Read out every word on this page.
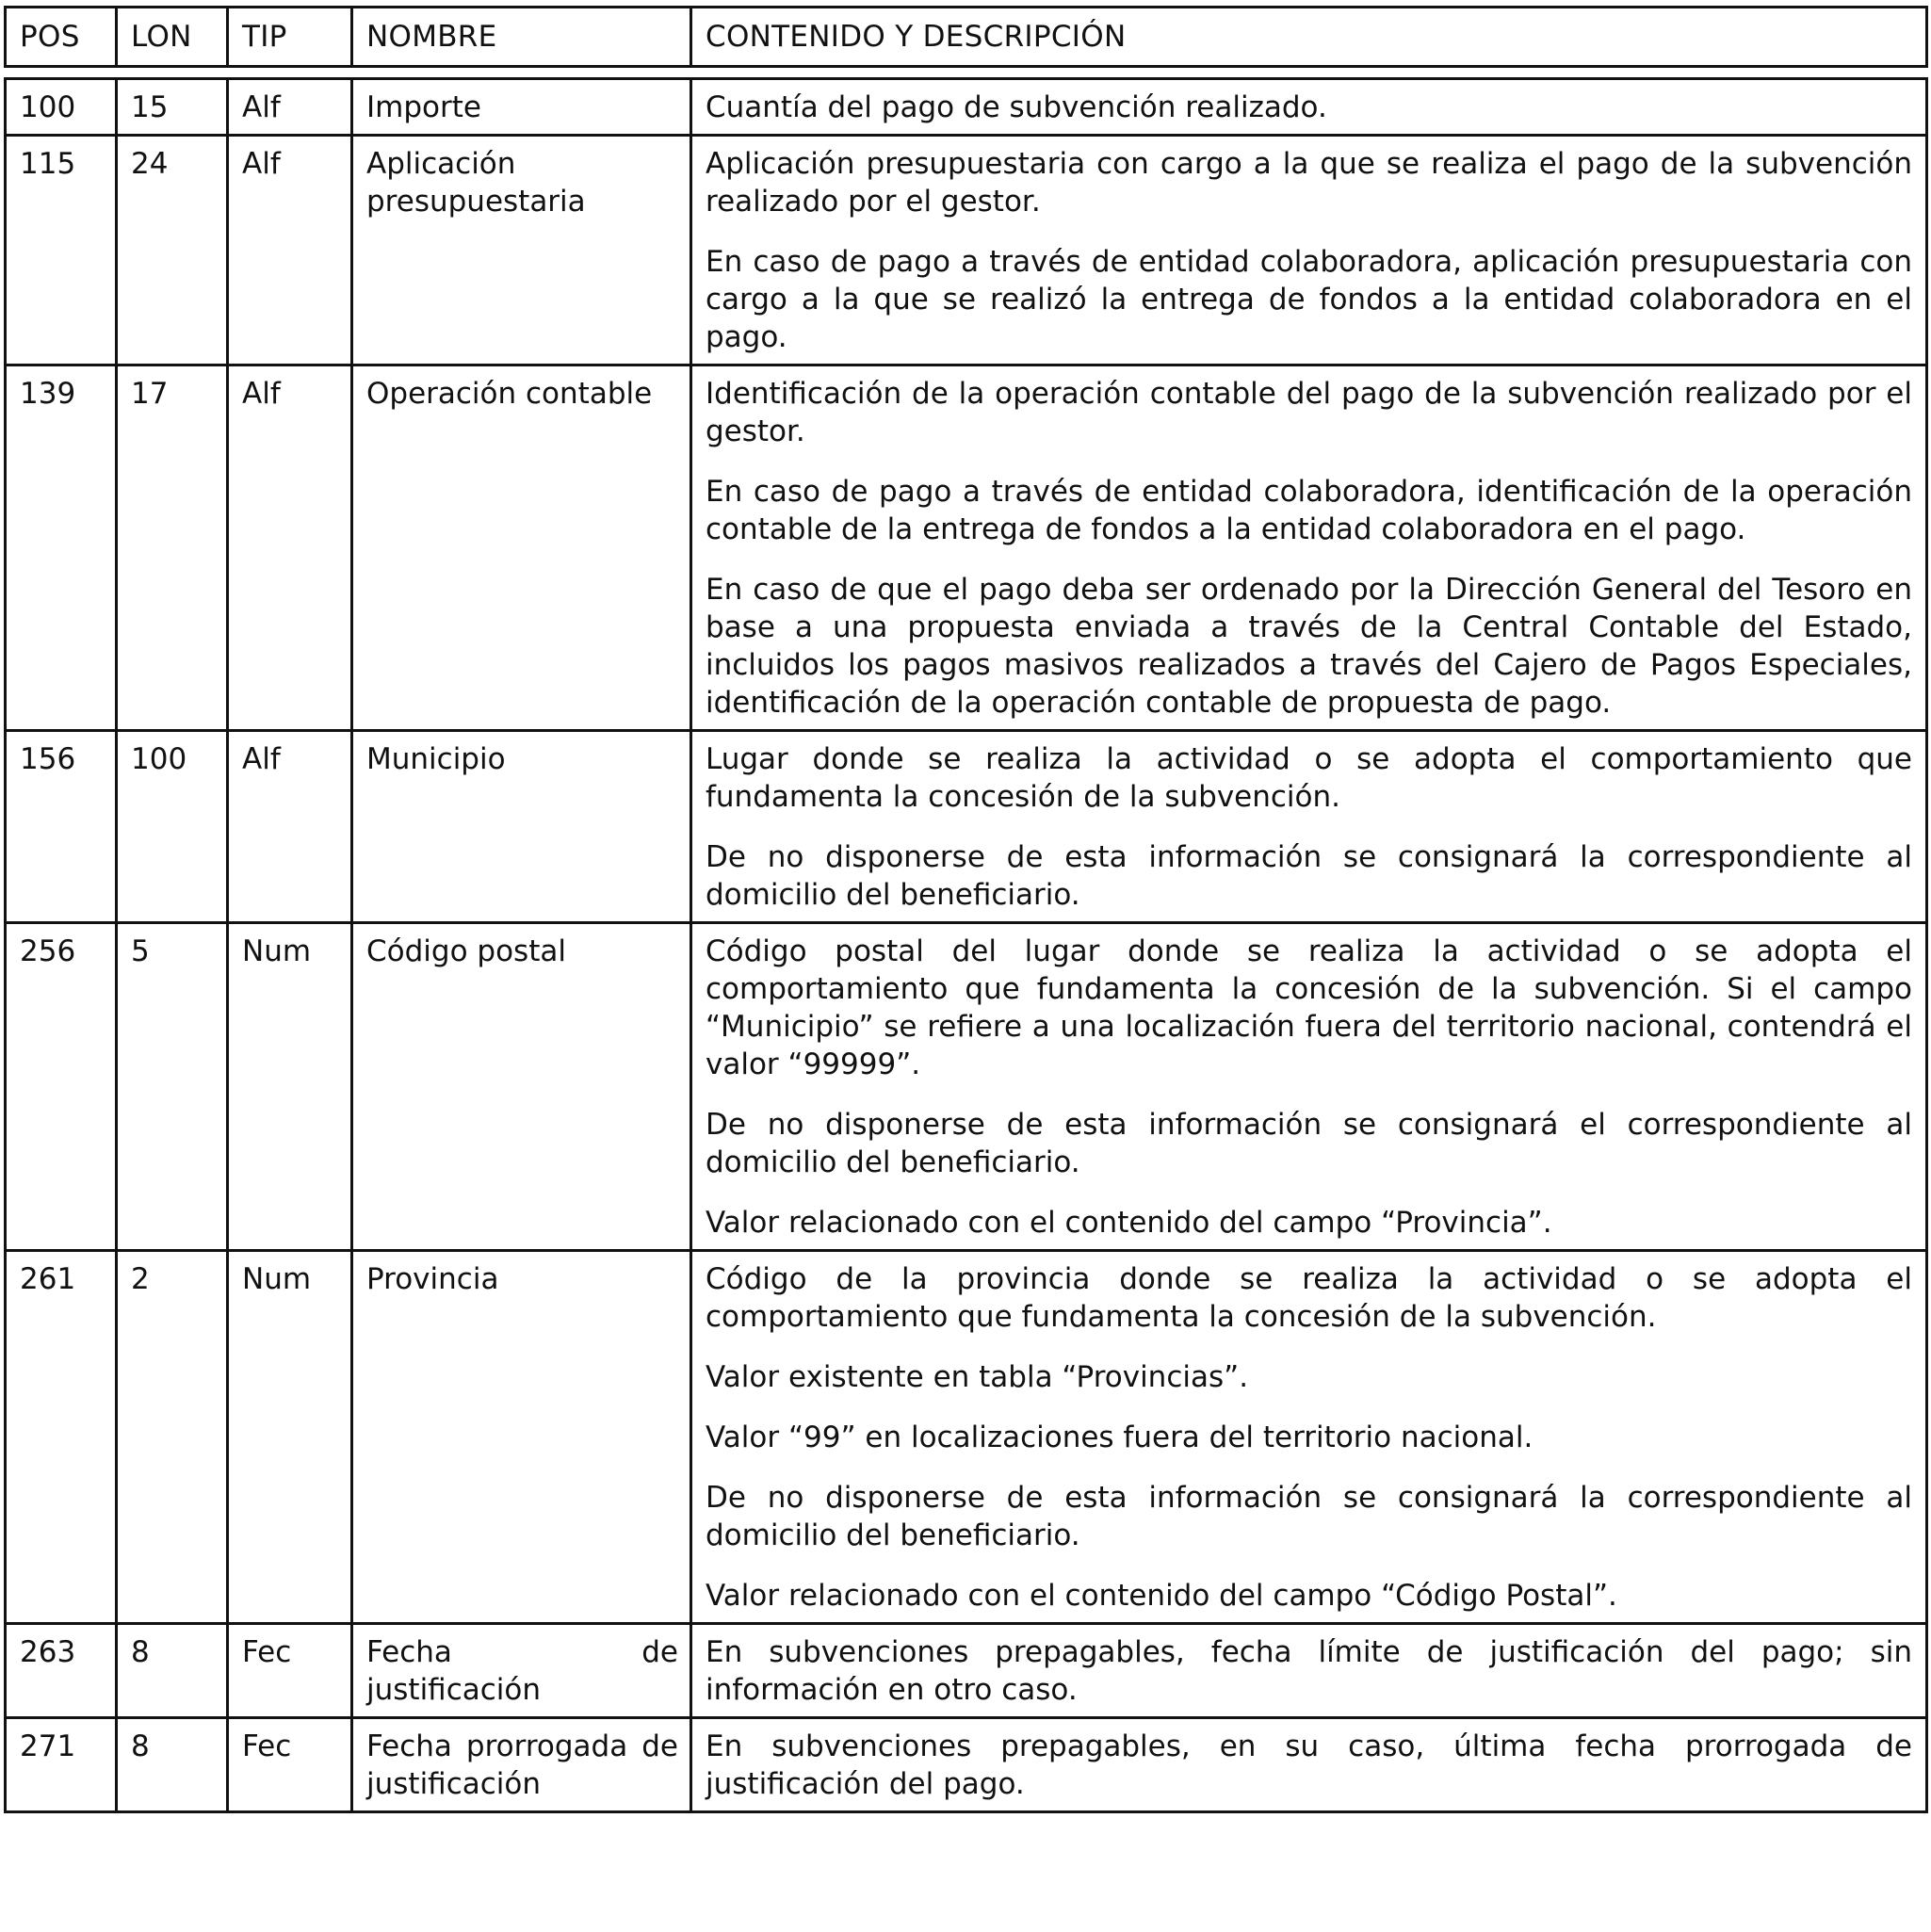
POS	LON	TIP	NOMBRE	CONTENIDO Y DESCRIPCIÓN

100	15	Alf	Importe	Cuantía del pago de subvención realizado.

115	24	Alf	Aplicación presupuestaria	Aplicación presupuestaria con cargo a la que se realiza el pago de la subvención realizado por el gestor.

En caso de pago a través de entidad colaboradora, aplicación presupuestaria con cargo a la que se realizó la entrega de fondos a la entidad colaboradora en el pago.

139	17	Alf	Operación contable	Identificación de la operación contable del pago de la subvención realizado por el gestor.

En caso de pago a través de entidad colaboradora, identificación de la operación contable de la entrega de fondos a la entidad colaboradora en el pago.

En caso de que el pago deba ser ordenado por la Dirección General del Tesoro en base a una propuesta enviada a través de la Central Contable del Estado, incluidos los pagos masivos realizados a través del Cajero de Pagos Especiales, identificación de la operación contable de propuesta de pago.

156	100	Alf	Municipio	Lugar donde se realiza la actividad o se adopta el comportamiento que fundamenta la concesión de la subvención.

De no disponerse de esta información se consignará la correspondiente al domicilio del beneficiario.

256	5	Num	Código postal	Código postal del lugar donde se realiza la actividad o se adopta el comportamiento que fundamenta la concesión de la subvención. Si el campo “Municipio” se refiere a una localización fuera del territorio nacional, contendrá el valor “99999”.

De no disponerse de esta información se consignará el correspondiente al domicilio del beneficiario.

Valor relacionado con el contenido del campo “Provincia”.

261	2	Num	Provincia	Código de la provincia donde se realiza la actividad o se adopta el comportamiento que fundamenta la concesión de la subvención.

Valor existente en tabla “Provincias”.

Valor “99” en localizaciones fuera del territorio nacional.

De no disponerse de esta información se consignará la correspondiente al domicilio del beneficiario.

Valor relacionado con el contenido del campo “Código Postal”.

263	8	Fec	Fecha de justificación	En subvenciones prepagables, fecha límite de justificación del pago; sin información en otro caso.

271	8	Fec	Fecha prorrogada de justificación	En subvenciones prepagables, en su caso, última fecha prorrogada de justificación del pago.
